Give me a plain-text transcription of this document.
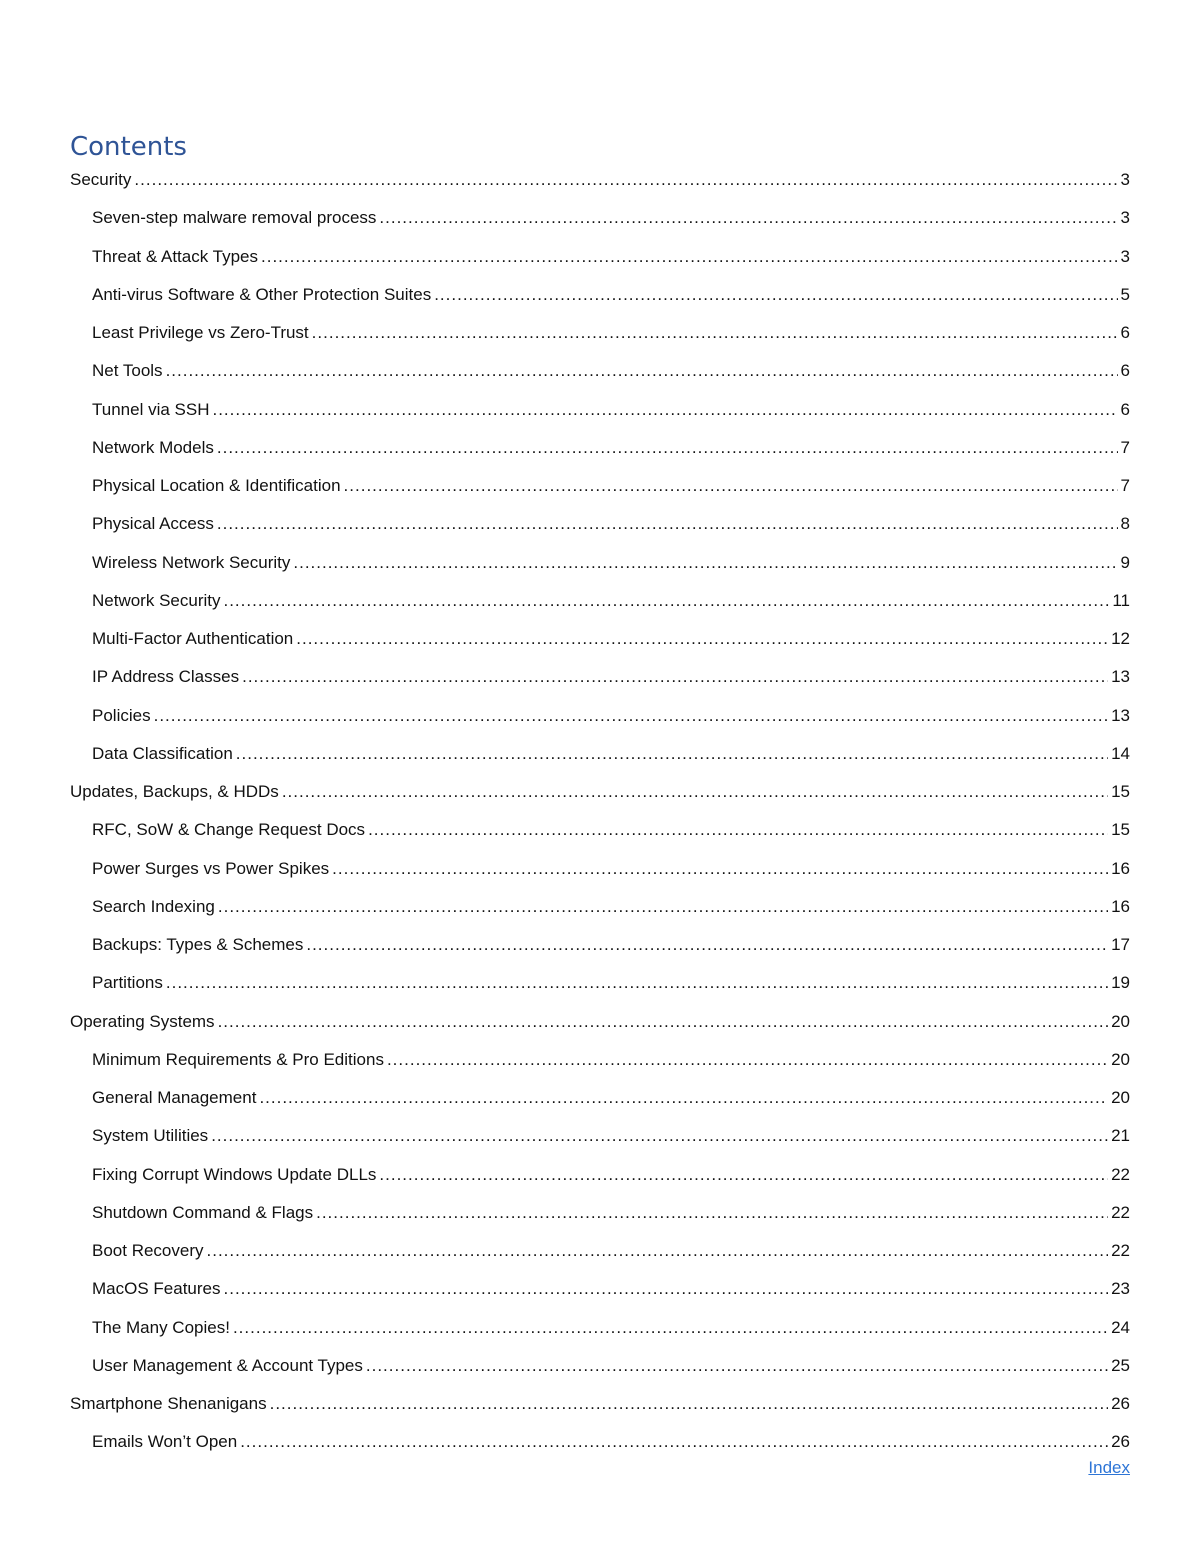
Contents
Security .....	3
Seven-step malware removal process .....	3
Threat & Attack Types .....	3
Anti-virus Software & Other Protection Suites .....	5
Least Privilege vs Zero-Trust .....	6
Net Tools .....	6
Tunnel via SSH .....	6
Network Models .....	7
Physical Location & Identification .....	7
Physical Access .....	8
Wireless Network Security .....	9
Network Security .....	11
Multi-Factor Authentication .....	12
IP Address Classes .....	13
Policies .....	13
Data Classification .....	14
Updates, Backups, & HDDs .....	15
RFC, SoW & Change Request Docs .....	15
Power Surges vs Power Spikes .....	16
Search Indexing .....	16
Backups: Types & Schemes .....	17
Partitions .....	19
Operating Systems .....	20
Minimum Requirements & Pro Editions .....	20
General Management .....	20
System Utilities .....	21
Fixing Corrupt Windows Update DLLs .....	22
Shutdown Command & Flags .....	22
Boot Recovery .....	22
MacOS Features .....	23
The Many Copies! .....	24
User Management & Account Types .....	25
Smartphone Shenanigans .....	26
Emails Won’t Open .....	26
Index
